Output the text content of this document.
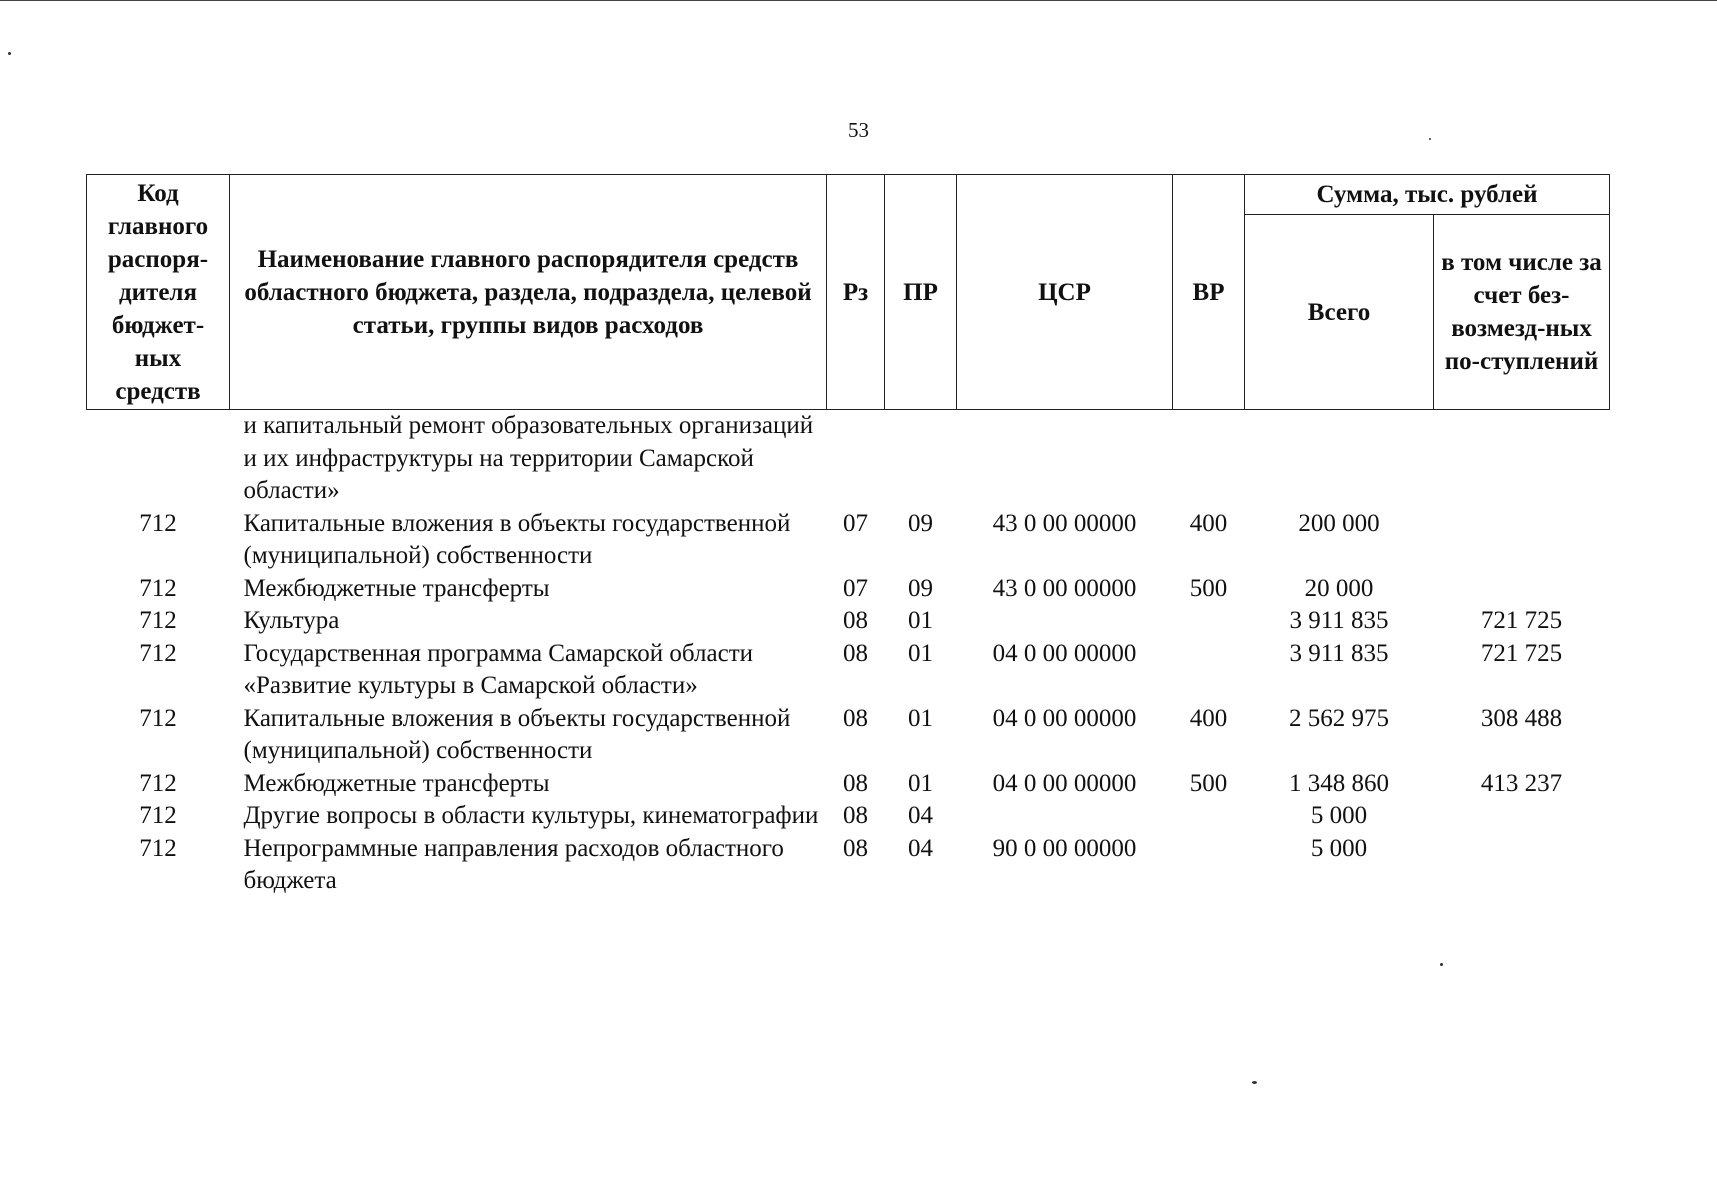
53
Код главного распоря-дителя бюджет-ных средств	Наименование главного распорядителя средств областного бюджета, раздела, подраздела, целевой статьи, группы видов расходов	Рз	ПР	ЦСР	ВР	Сумма, тыс. рублей	
						Всего	в том числе за счет без-возмезд-ных по-ступлений
	и капитальный ремонт образовательных организаций и их инфраструктуры на территории Самарской области»						
712	Капитальные вложения в объекты государственной (муниципальной) собственности	07	09	43 0 00 00000	400	200 000	
712	Межбюджетные трансферты	07	09	43 0 00 00000	500	20 000	
712	Культура	08	01			3 911 835	721 725
712	Государственная программа Самарской области «Развитие культуры в Самарской области»	08	01	04 0 00 00000		3 911 835	721 725
712	Капитальные вложения в объекты государственной (муниципальной) собственности	08	01	04 0 00 00000	400	2 562 975	308 488
712	Межбюджетные трансферты	08	01	04 0 00 00000	500	1 348 860	413 237
712	Другие вопросы в области культуры, кинематографии	08	04			5 000	
712	Непрограммные направления расходов областного бюджета	08	04	90 0 00 00000		5 000	
